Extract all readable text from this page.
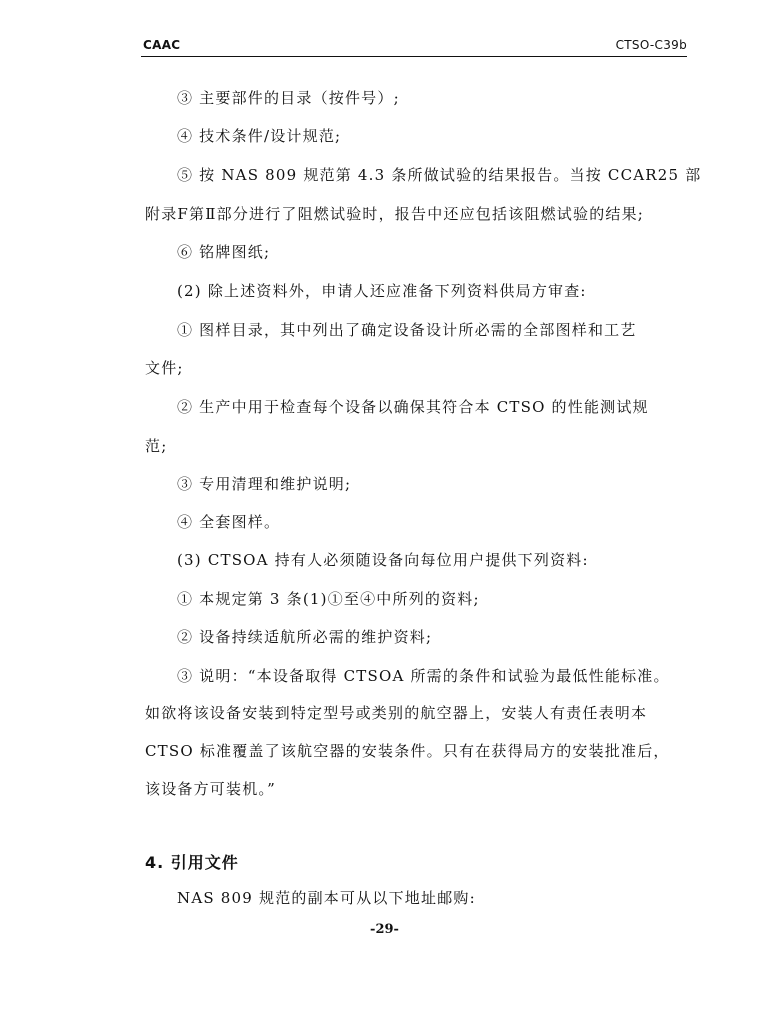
CAAC	CTSO-C39b
③ 主要部件的目录（按件号）;
④ 技术条件/设计规范;
⑤ 按 NAS 809 规范第 4.3 条所做试验的结果报告。当按 CCAR25 部
附录F第Ⅱ部分进行了阻燃试验时，报告中还应包括该阻燃试验的结果;
⑥ 铭牌图纸;
(2) 除上述资料外，申请人还应准备下列资料供局方审查:
① 图样目录，其中列出了确定设备设计所必需的全部图样和工艺
文件;
② 生产中用于检查每个设备以确保其符合本 CTSO 的性能测试规
范;
③ 专用清理和维护说明;
④ 全套图样。
(3) CTSOA 持有人必须随设备向每位用户提供下列资料:
① 本规定第 3 条(1)①至④中所列的资料;
② 设备持续适航所必需的维护资料;
③ 说明：“本设备取得 CTSOA 所需的条件和试验为最低性能标准。
如欲将该设备安装到特定型号或类别的航空器上，安装人有责任表明本
CTSO 标准覆盖了该航空器的安装条件。只有在获得局方的安装批准后，
该设备方可装机。”
4. 引用文件
NAS 809 规范的副本可从以下地址邮购:
-29-
